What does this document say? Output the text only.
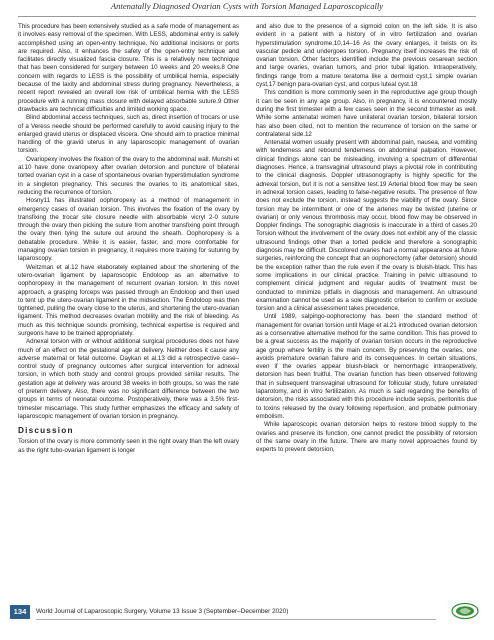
Antenatally Diagnosed Ovarian Cysts with Torsion Managed Laparoscopically

This procedure has been extensively studied as a safe mode of management as it involves easy removal of the specimen. With LESS, abdominal entry is safely accomplished using an open-entry technique. No additional incisions or ports are required. Also, it enhances the safety of the open-entry technique and facilitates directly visualized fascia closure. This is a relatively new technique that has been considered for surgery between 10 weeks and 20 weeks.8 One concern with regards to LESS is the possibility of umbilical hernia, especially because of the laxity and abdominal stress during pregnancy. Nevertheless, a recent report revealed an overall low risk of umbilical hernia with the LESS procedure with a running mass closure with delayed absorbable suture.9 Other drawbacks are technical difficulties and limited working space.

Blind abdominal access techniques, such as, direct insertion of trocars or use of a Veress needle should be performed carefully to avoid causing injury to the enlarged gravid uterus or displaced viscera. One should aim to practice minimal handling of the gravid uterus in any laparoscopic management of ovarian torsion.

Ovariopexy involves the fixation of the ovary to the abdominal wall. Munshi et al.10 have done ovariopexy after ovarian detorsion and puncture of bilateral torted ovarian cyst in a case of spontaneous ovarian hyperstimulation syndrome in a singleton pregnancy. This secures the ovaries to its anatomical sites, reducing the recurrence of torsion.

Hosny11 has illustrated oophoropexy as a method of management in emergency cases of ovarian torsion. This involves the fixation of the ovary by transfixing the trocar site closure needle with absorbable vicryl 2-0 suture through the ovary then picking the suture from another transfixing point through the ovary then tying the suture out around the sheath. Oophoropexy is a debatable procedure. While it is easier, faster, and more comfortable for managing ovarian torsion in pregnancy, it requires more training for suturing by laparoscopy.

Weitzman et al.12 have elaborately explained about the shortening of the utero-ovarian ligament by laparoscopic Endoloop as an alternative to oophoropexy in the management of recurrent ovarian torsion. In this novel approach, a grasping forceps was passed through an Endoloop and then used to tent up the utero-ovarian ligament in the midsection. The Endoloop was then tightened, pulling the ovary close to the uterus, and shortening the utero-ovarian ligament. This method decreases ovarian mobility and the risk of bleeding. As much as this technique sounds promising, technical expertise is required and surgeons have to be trained appropriately.

Adnexal torsion with or without additional surgical procedures does not have much of an effect on the gestational age at delivery. Neither does it cause any adverse maternal or fetal outcome. Daykan et al.13 did a retrospective case–control study of pregnancy outcomes after surgical intervention for adnexal torsion, in which both study and control groups provided similar results. The gestation age at delivery was around 38 weeks in both groups, so was the rate of preterm delivery. Also, there was no significant difference between the two groups in terms of neonatal outcome. Postoperatively, there was a 3.5% first-trimester miscarriage. This study further emphasizes the efficacy and safety of laparoscopic management of ovarian torsion in pregnancy.

Discussion

Torsion of the ovary is more commonly seen in the right ovary than the left ovary as the right tubo-ovarian ligament is longer

and also due to the presence of a sigmoid colon on the left side. It is also evident in a patient with a history of in vitro fertilization and ovarian hyperstimulation syndrome.10,14–16 As the ovary enlarges, it twists on its vascular pedicle and undergoes torsion. Pregnancy itself increases the risk of ovarian torsion. Other factors identified include the previous cesarean section and large ovaries, ovarian tumors, and prior tubal ligation. Intraoperatively, findings range from a mature teratoma like a dermoid cyst,1 simple ovarian cyst,17 benign para-ovarian cyst, and corpus luteal cyst.18

This condition is more commonly seen in the reproductive age group though it can be seen in any age group. Also, in pregnancy, it is encountered mostly during the first trimester with a few cases seen in the second trimester as well. While some antenatal women have unilateral ovarian torsion, bilateral torsion has also been cited, not to mention the recurrence of torsion on the same or contralateral side.12

Antenatal women usually present with abdominal pain, nausea, and vomiting with tenderness and rebound tenderness on abdominal palpation. However, clinical findings alone can be misleading, involving a spectrum of differential diagnoses. Hence, a transvaginal ultrasound plays a pivotal role in contributing to the clinical diagnosis. Doppler ultrasonography is highly specific for the adnexal torsion, but it is not a sensitive test.19 Arterial blood flow may be seen in adnexal torsion cases, leading to false-negative results. The presence of flow does not exclude the torsion, instead suggests the viability of the ovary. Since torsion may be intermittent or one of the arteries may be twisted (uterine or ovarian) or only venous thrombosis may occur, blood flow may be observed in Doppler findings. The sonographic diagnosis is inaccurate in a third of cases.20 Torsion without the involvement of the ovary does not exhibit any of the classic ultrasound findings other than a torted pedicle and therefore a sonographic diagnosis may be difficult. Discolored ovaries had a normal appearance at future surgeries, reinforcing the concept that an oophorectomy (after detorsion) should be the exception rather than the rule even if the ovary is bluish-black. This has some implications in our clinical practice. Training in pelvic ultrasound to complement clinical judgment and regular audits of treatment must be conducted to minimize pitfalls in diagnosis and management. An ultrasound examination cannot be used as a sole diagnostic criterion to confirm or exclude torsion and a clinical assessment takes precedence.

Until 1989, salpingo-oophorectomy has been the standard method of management for ovarian torsion until Mage et al.21 introduced ovarian detorsion as a conservative alternative method for the same condition. This has proved to be a great success as the majority of ovarian torsion occurs in the reproductive age group where fertility is the main concern. By preserving the ovaries, one avoids premature ovarian failure and its consequences. In certain situations, even if the ovaries appear bluish-black or hemorrhagic intraoperatively, detorsion has been fruitful. The ovarian function has been observed following that in subsequent transvaginal ultrasound for follicular study, future unrelated laparotomy, and in vitro fertilization. As much is said regarding the benefits of detorsion, the risks associated with this procedure include sepsis, peritonitis due to toxins released by the ovary following reperfusion, and probable pulmonary embolism.

While laparoscopic ovarian detorsion helps to restore blood supply to the ovaries and preserve its function, one cannot predict the possibility of retorsion of the same ovary in the future. There are many novel approaches found by experts to prevent detorsion,

134	World Journal of Laparoscopic Surgery, Volume 13 Issue 3 (September–December 2020)
